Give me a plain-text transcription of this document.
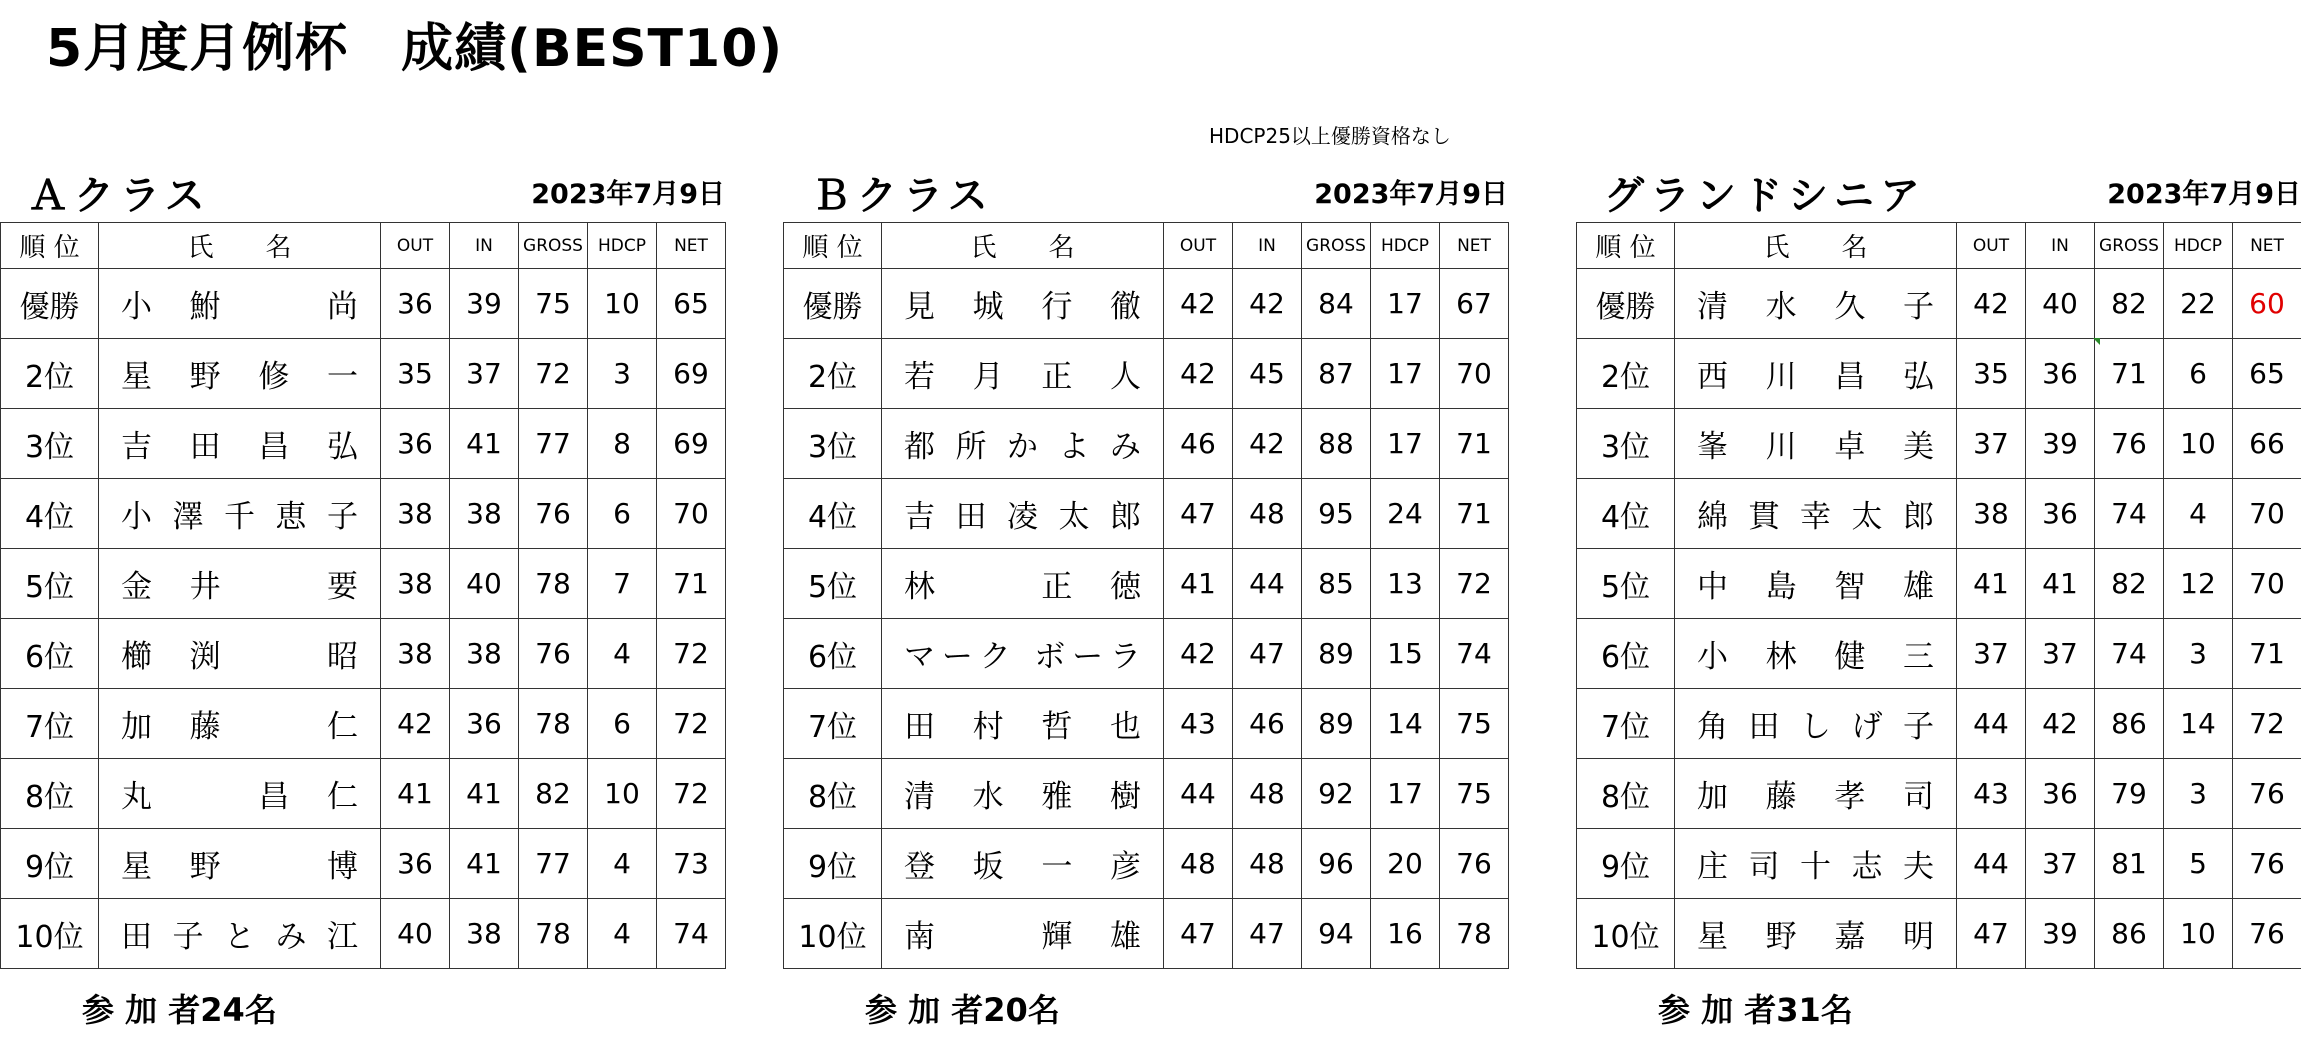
5月度月例杯　成績(BEST10)
HDCP25以上優勝資格なし
Ａクラス	2023年7月9日
順 位	氏　　名	OUT	IN	GROSS	HDCP	NET
優勝	小鮒　尚	36	39	75	10	65
2位	星野修一	35	37	72	3	69
3位	吉田昌弘	36	41	77	8	69
4位	小澤千恵子	38	38	76	6	70
5位	金井　要	38	40	78	7	71
6位	櫛渕　昭	38	38	76	4	72
7位	加藤　仁	42	36	78	6	72
8位	丸　昌仁	41	41	82	10	72
9位	星野　博	36	41	77	4	73
10位	田子とみ江	40	38	78	4	74
参 加 者24名
Ｂクラス	2023年7月9日
順 位	氏　　名	OUT	IN	GROSS	HDCP	NET
優勝	見城行徹	42	42	84	17	67
2位	若月正人	42	45	87	17	70
3位	都所かよみ	46	42	88	17	71
4位	吉田凌太郎	47	48	95	24	71
5位	林　正徳	41	44	85	13	72
6位	マーク ボーラ	42	47	89	15	74
7位	田村哲也	43	46	89	14	75
8位	清水雅樹	44	48	92	17	75
9位	登坂一彦	48	48	96	20	76
10位	南　輝雄	47	47	94	16	78
参 加 者20名
グランドシニア	2023年7月9日
順 位	氏　　名	OUT	IN	GROSS	HDCP	NET
優勝	清水久子	42	40	82	22	60
2位	西川昌弘	35	36	71	6	65
3位	峯川卓美	37	39	76	10	66
4位	綿貫幸太郎	38	36	74	4	70
5位	中島智雄	41	41	82	12	70
6位	小林健三	37	37	74	3	71
7位	角田しげ子	44	42	86	14	72
8位	加藤孝司	43	36	79	3	76
9位	庄司十志夫	44	37	81	5	76
10位	星野嘉明	47	39	86	10	76
参 加 者31名
